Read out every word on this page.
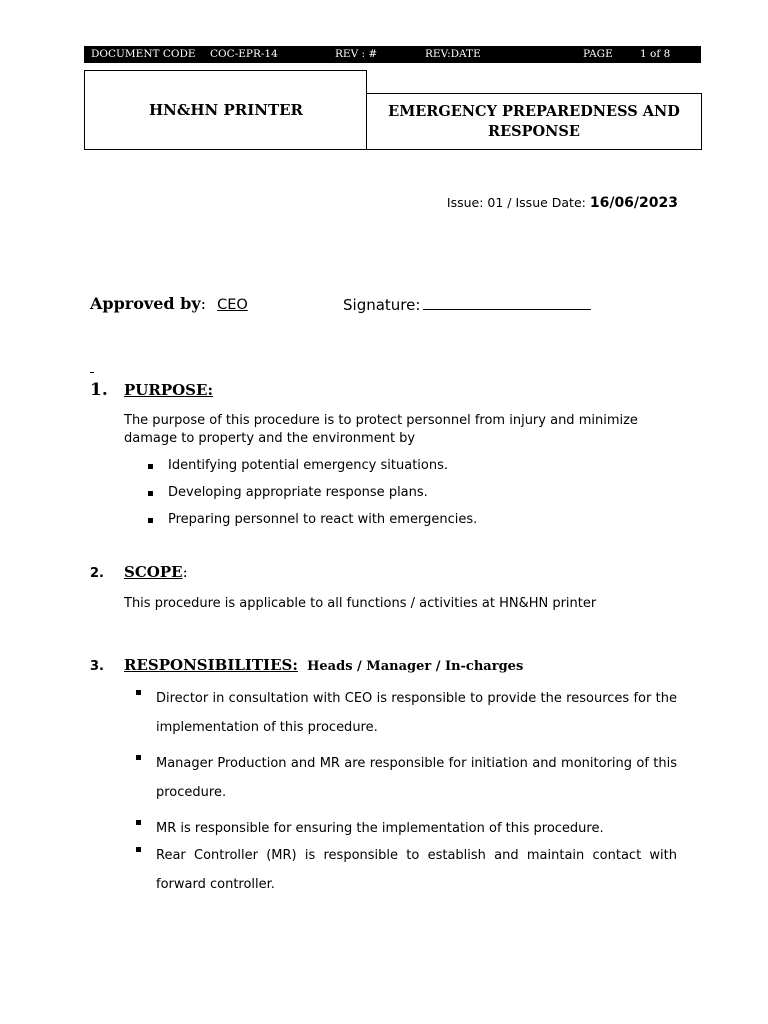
DOCUMENT CODE COC-EPR-14	REV : #	REV:DATE	PAGE	1 of 8
HN&HN PRINTER	EMERGENCY PREPAREDNESS AND
RESPONSE
Issue: 01 / Issue Date: 16/06/2023
Approved by: CEO	Signature:
1. PURPOSE:
The purpose of this procedure is to protect personnel from injury and minimize damage to property and the environment by
Identifying potential emergency situations.
Developing appropriate response plans.
Preparing personnel to react with emergencies.
2. SCOPE:
This procedure is applicable to all functions / activities at HN&HN printer
3. RESPONSIBILITIES: Heads / Manager / In-charges
Director in consultation with CEO is responsible to provide the resources for the implementation of this procedure.
Manager Production and MR are responsible for initiation and monitoring of this procedure.
MR is responsible for ensuring the implementation of this procedure.
Rear Controller (MR) is responsible to establish and maintain contact with forward controller.
